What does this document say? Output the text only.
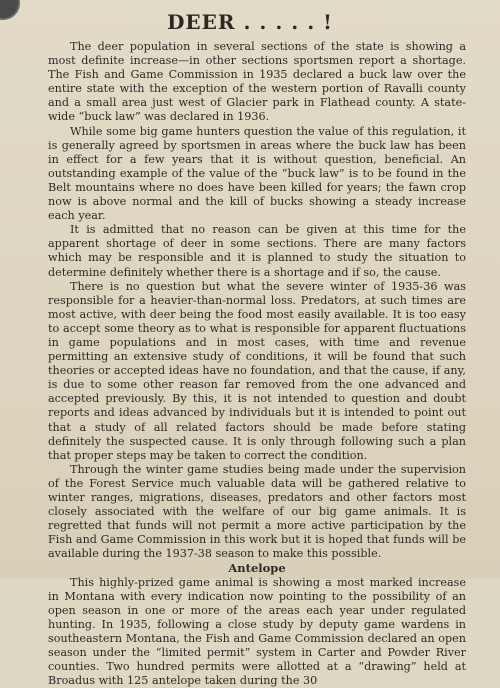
DEER . . . . . !

The deer population in several sections of the state is showing a most definite increase—in other sections sportsmen report a shortage. The Fish and Game Commission in 1935 declared a buck law over the entire state with the exception of the western portion of Ravalli county and a small area just west of Glacier park in Flathead county. A state-wide “buck law” was declared in 1936.

While some big game hunters question the value of this regulation, it is generally agreed by sportsmen in areas where the buck law has been in effect for a few years that it is without question, beneficial. An outstanding example of the value of the “buck law” is to be found in the Belt mountains where no does have been killed for years; the fawn crop now is above normal and the kill of bucks showing a steady increase each year.

It is admitted that no reason can be given at this time for the apparent shortage of deer in some sections. There are many factors which may be responsible and it is planned to study the situation to determine definitely whether there is a shortage and if so, the cause.

There is no question but what the severe winter of 1935-36 was responsible for a heavier-than-normal loss. Predators, at such times are most active, with deer being the food most easily available. It is too easy to accept some theory as to what is responsible for apparent fluctuations in game populations and in most cases, with time and revenue permitting an extensive study of conditions, it will be found that such theories or accepted ideas have no foundation, and that the cause, if any, is due to some other reason far removed from the one advanced and accepted previously. By this, it is not intended to question and doubt reports and ideas advanced by individuals but it is intended to point out that a study of all related factors should be made before stating definitely the suspected cause. It is only through following such a plan that proper steps may be taken to correct the condition.

Through the winter game studies being made under the supervision of the Forest Service much valuable data will be gathered relative to winter ranges, migrations, diseases, predators and other factors most closely associated with the welfare of our big game animals. It is regretted that funds will not permit a more active participation by the Fish and Game Commission in this work but it is hoped that funds will be available during the 1937-38 season to make this possible.

Antelope

This highly-prized game animal is showing a most marked increase in Montana with every indication now pointing to the possibility of an open season in one or more of the areas each year under regulated hunting. In 1935, following a close study by deputy game wardens in southeastern Montana, the Fish and Game Commission declared an open season under the “limited permit” system in Carter and Powder River counties. Two hundred permits were allotted at a “drawing” held at Broadus with 125 antelope taken during the 30
